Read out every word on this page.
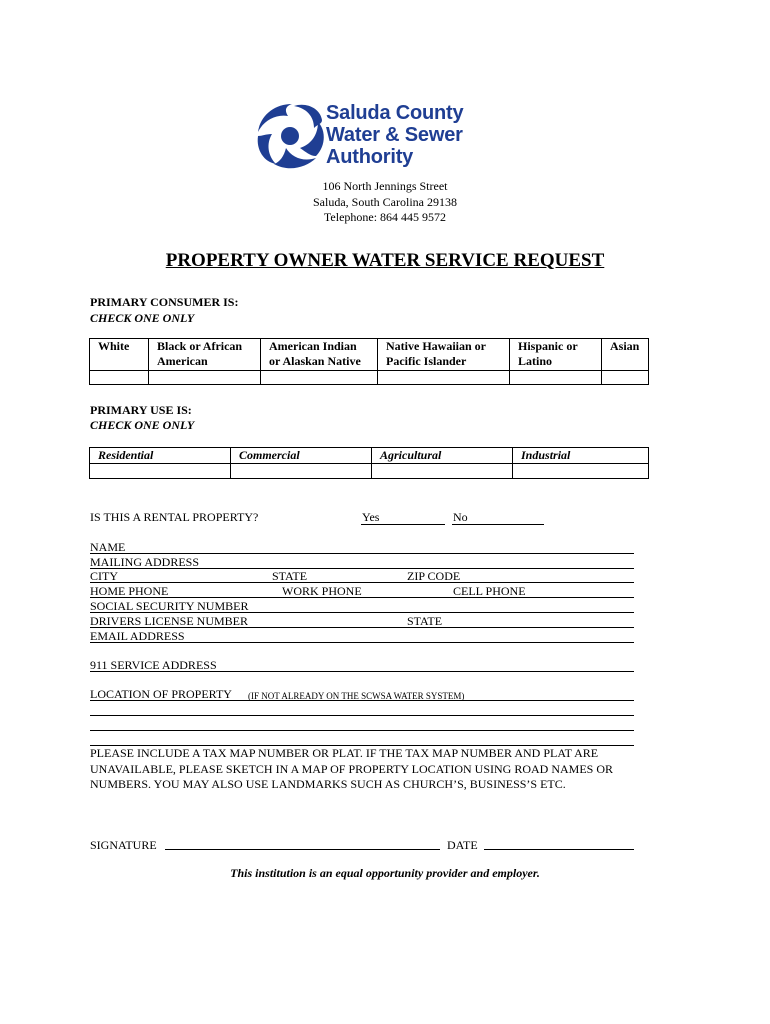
Saluda County
Water & Sewer
Authority
106 North Jennings Street
Saluda, South Carolina 29138
Telephone: 864 445 9572
PROPERTY OWNER WATER SERVICE REQUEST
PRIMARY CONSUMER IS:
CHECK ONE ONLY
White	Black or African American	American Indian or Alaskan Native	Native Hawaiian or Pacific Islander	Hispanic or Latino	Asian

PRIMARY USE IS:
CHECK ONE ONLY
Residential	Commercial	Agricultural	Industrial

IS THIS A RENTAL PROPERTY?	Yes	No
NAME
MAILING ADDRESS
CITY	STATE	ZIP CODE
HOME PHONE	WORK PHONE	CELL PHONE
SOCIAL SECURITY NUMBER
DRIVERS LICENSE NUMBER	STATE
EMAIL ADDRESS
911 SERVICE ADDRESS
LOCATION OF PROPERTY (IF NOT ALREADY ON THE SCWSA WATER SYSTEM)
PLEASE INCLUDE A TAX MAP NUMBER OR PLAT. IF THE TAX MAP NUMBER AND PLAT ARE UNAVAILABLE, PLEASE SKETCH IN A MAP OF PROPERTY LOCATION USING ROAD NAMES OR NUMBERS. YOU MAY ALSO USE LANDMARKS SUCH AS CHURCH’S, BUSINESS’S ETC.
SIGNATURE	DATE
This institution is an equal opportunity provider and employer.
